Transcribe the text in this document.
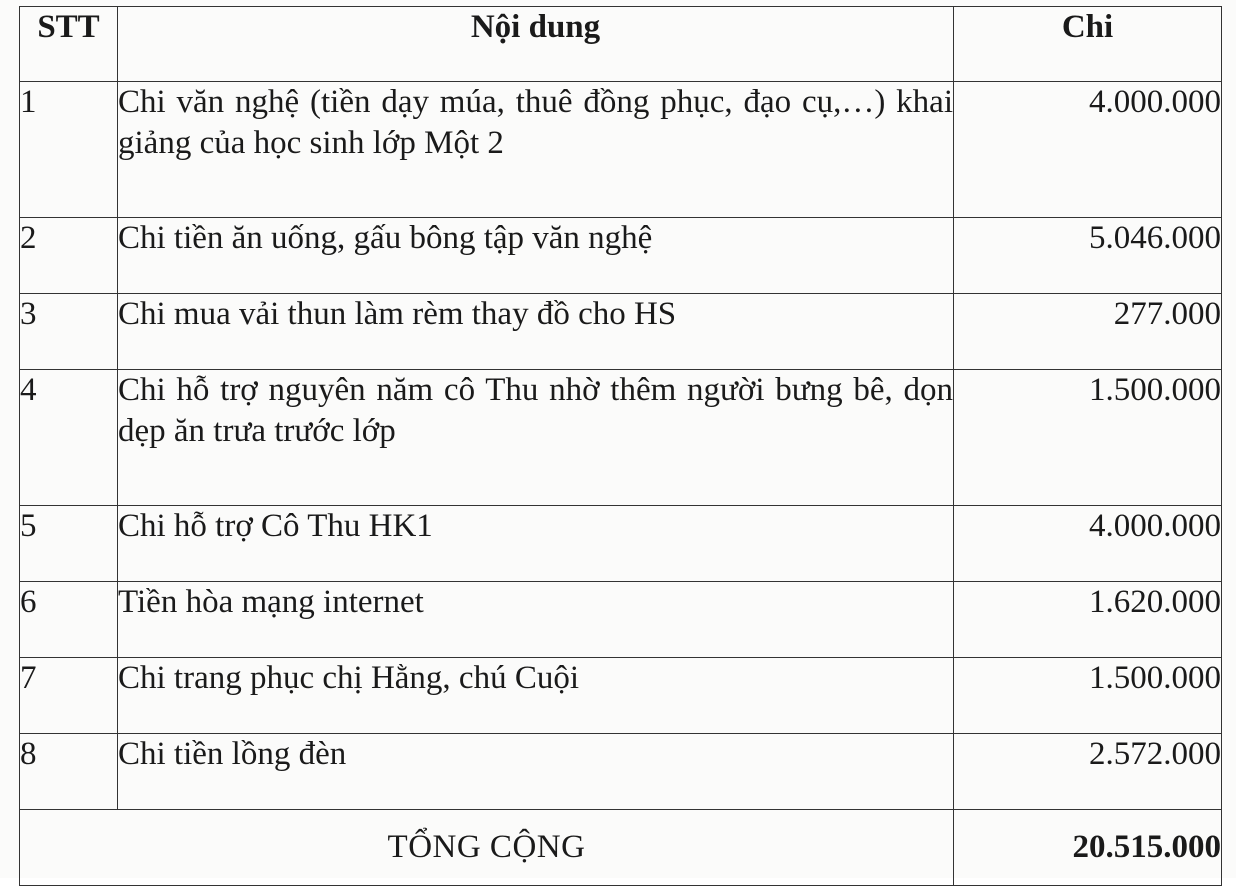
STT	Nội dung	Chi
1	Chi văn nghệ (tiền dạy múa, thuê đồng phục, đạo cụ,…) khai giảng của học sinh lớp Một 2	4.000.000
2	Chi tiền ăn uống, gấu bông tập văn nghệ	5.046.000
3	Chi mua vải thun làm rèm thay đồ cho HS	277.000
4	Chi hỗ trợ nguyên năm cô Thu nhờ thêm người bưng bê, dọn dẹp ăn trưa trước lớp	1.500.000
5	Chi hỗ trợ Cô Thu HK1	4.000.000
6	Tiền hòa mạng internet	1.620.000
7	Chi trang phục chị Hằng, chú Cuội	1.500.000
8	Chi tiền lồng đèn	2.572.000
TỔNG CỘNG		20.515.000
